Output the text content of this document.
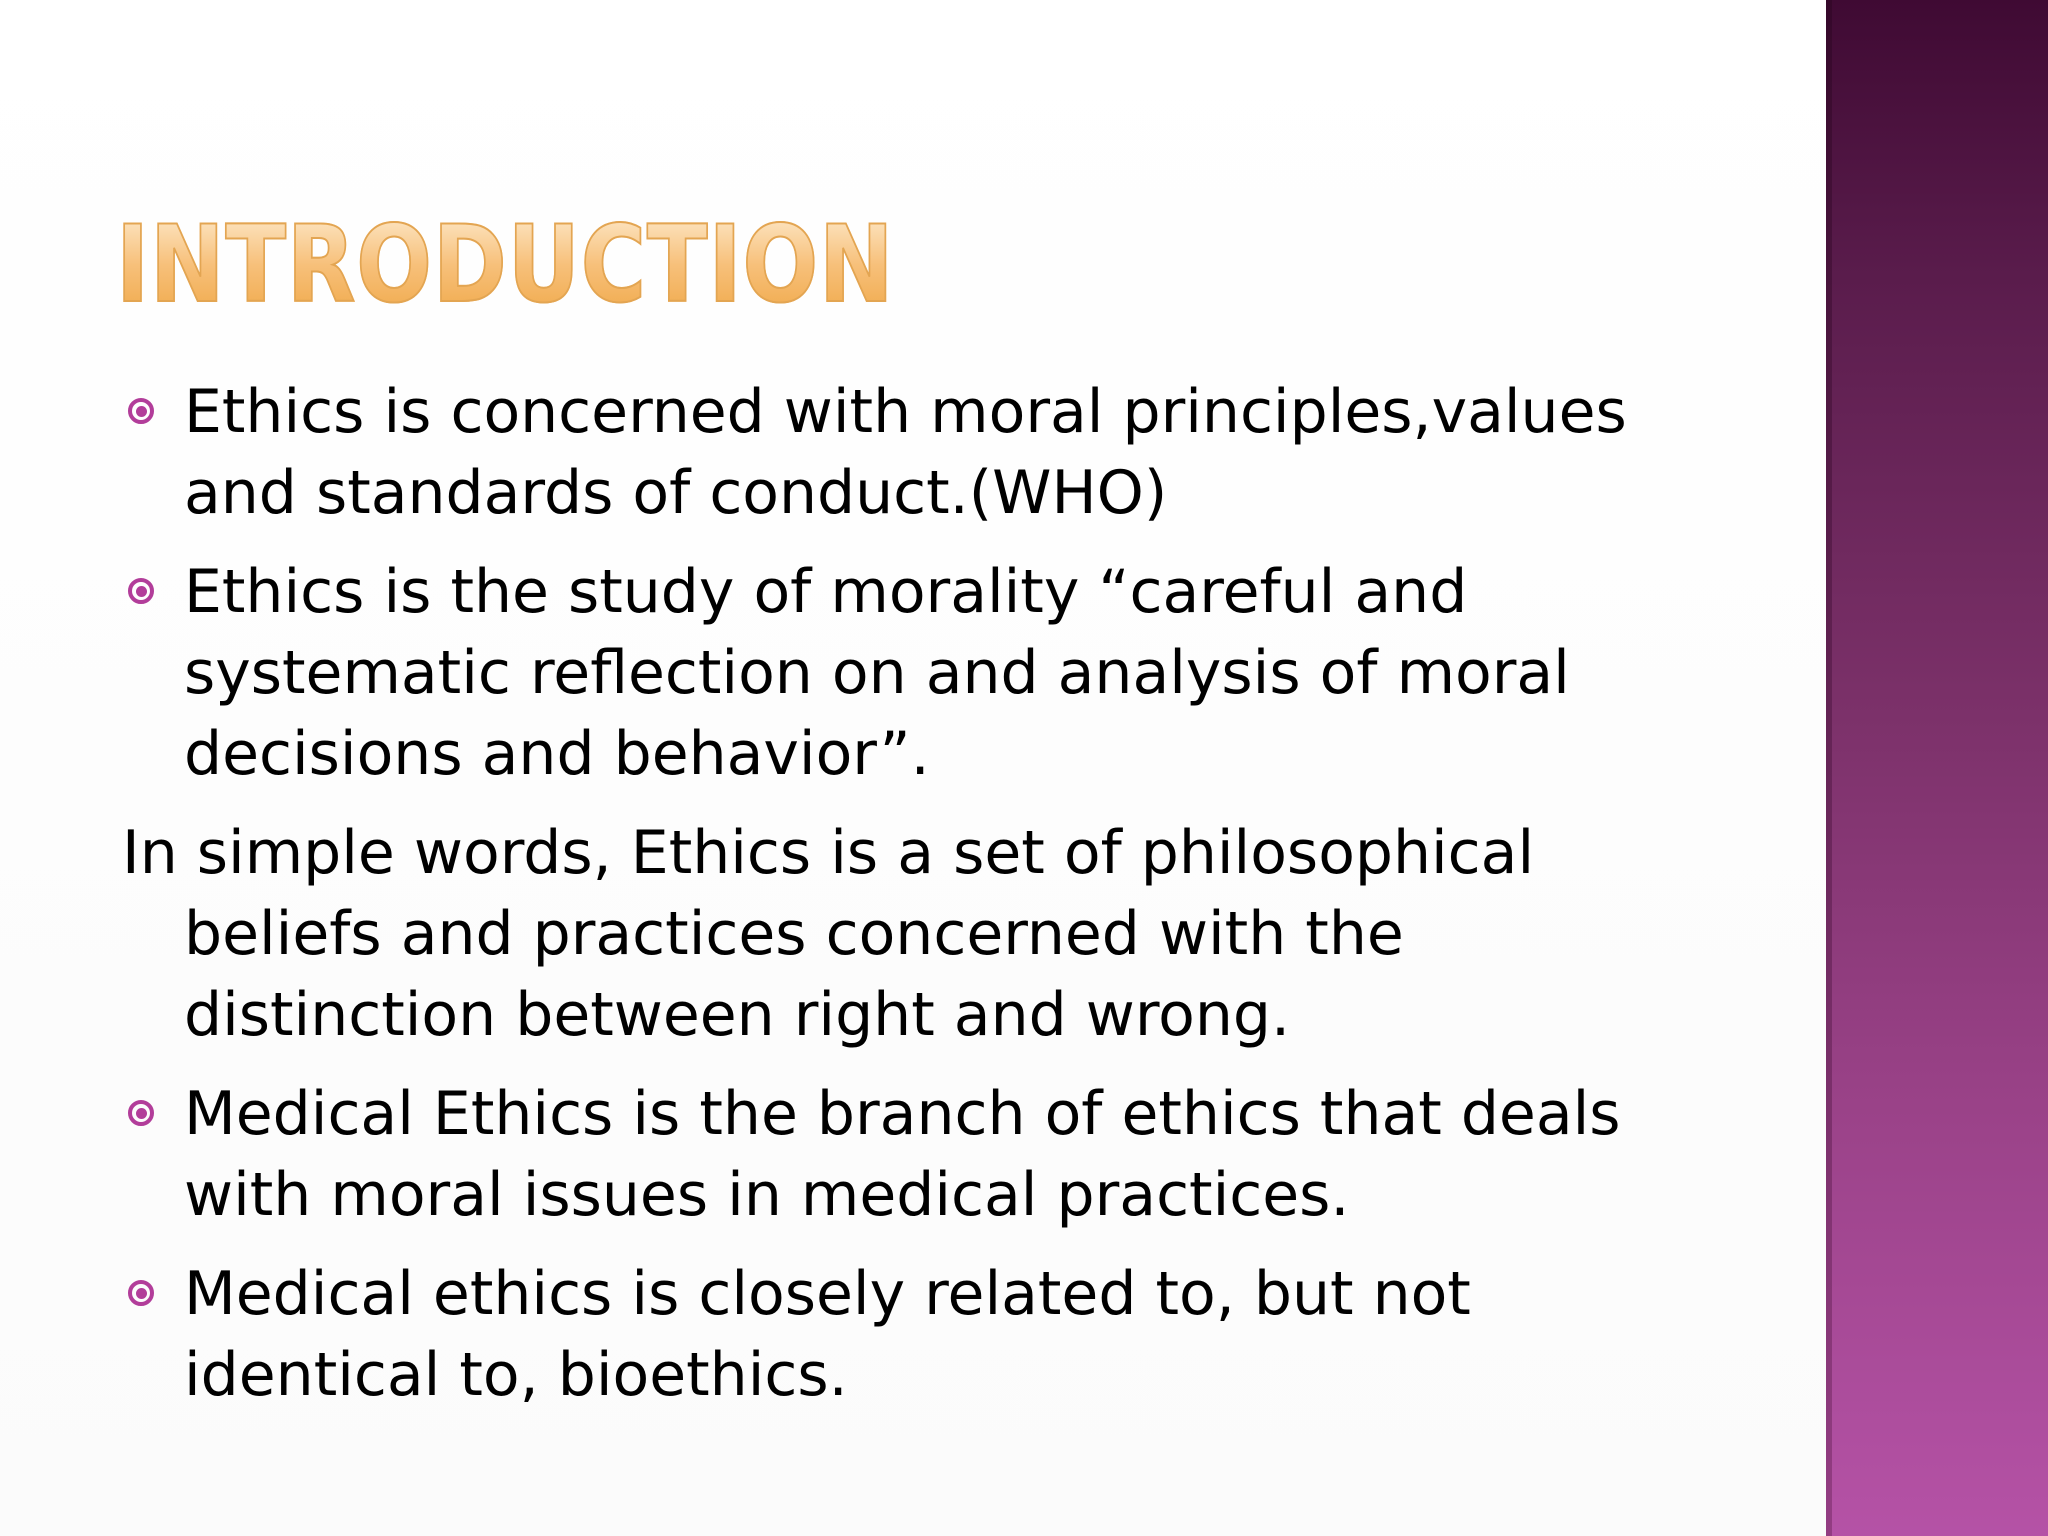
INTRODUCTION
Ethics is concerned with moral principles,values and standards of conduct.(WHO)
Ethics is the study of morality “careful and systematic reflection on and analysis of moral decisions and behavior”.
In simple words, Ethics is a set of philosophical beliefs and practices concerned with the distinction between right and wrong.
Medical Ethics is the branch of ethics that deals with moral issues in medical practices.
Medical ethics is closely related to, but not identical to, bioethics.
